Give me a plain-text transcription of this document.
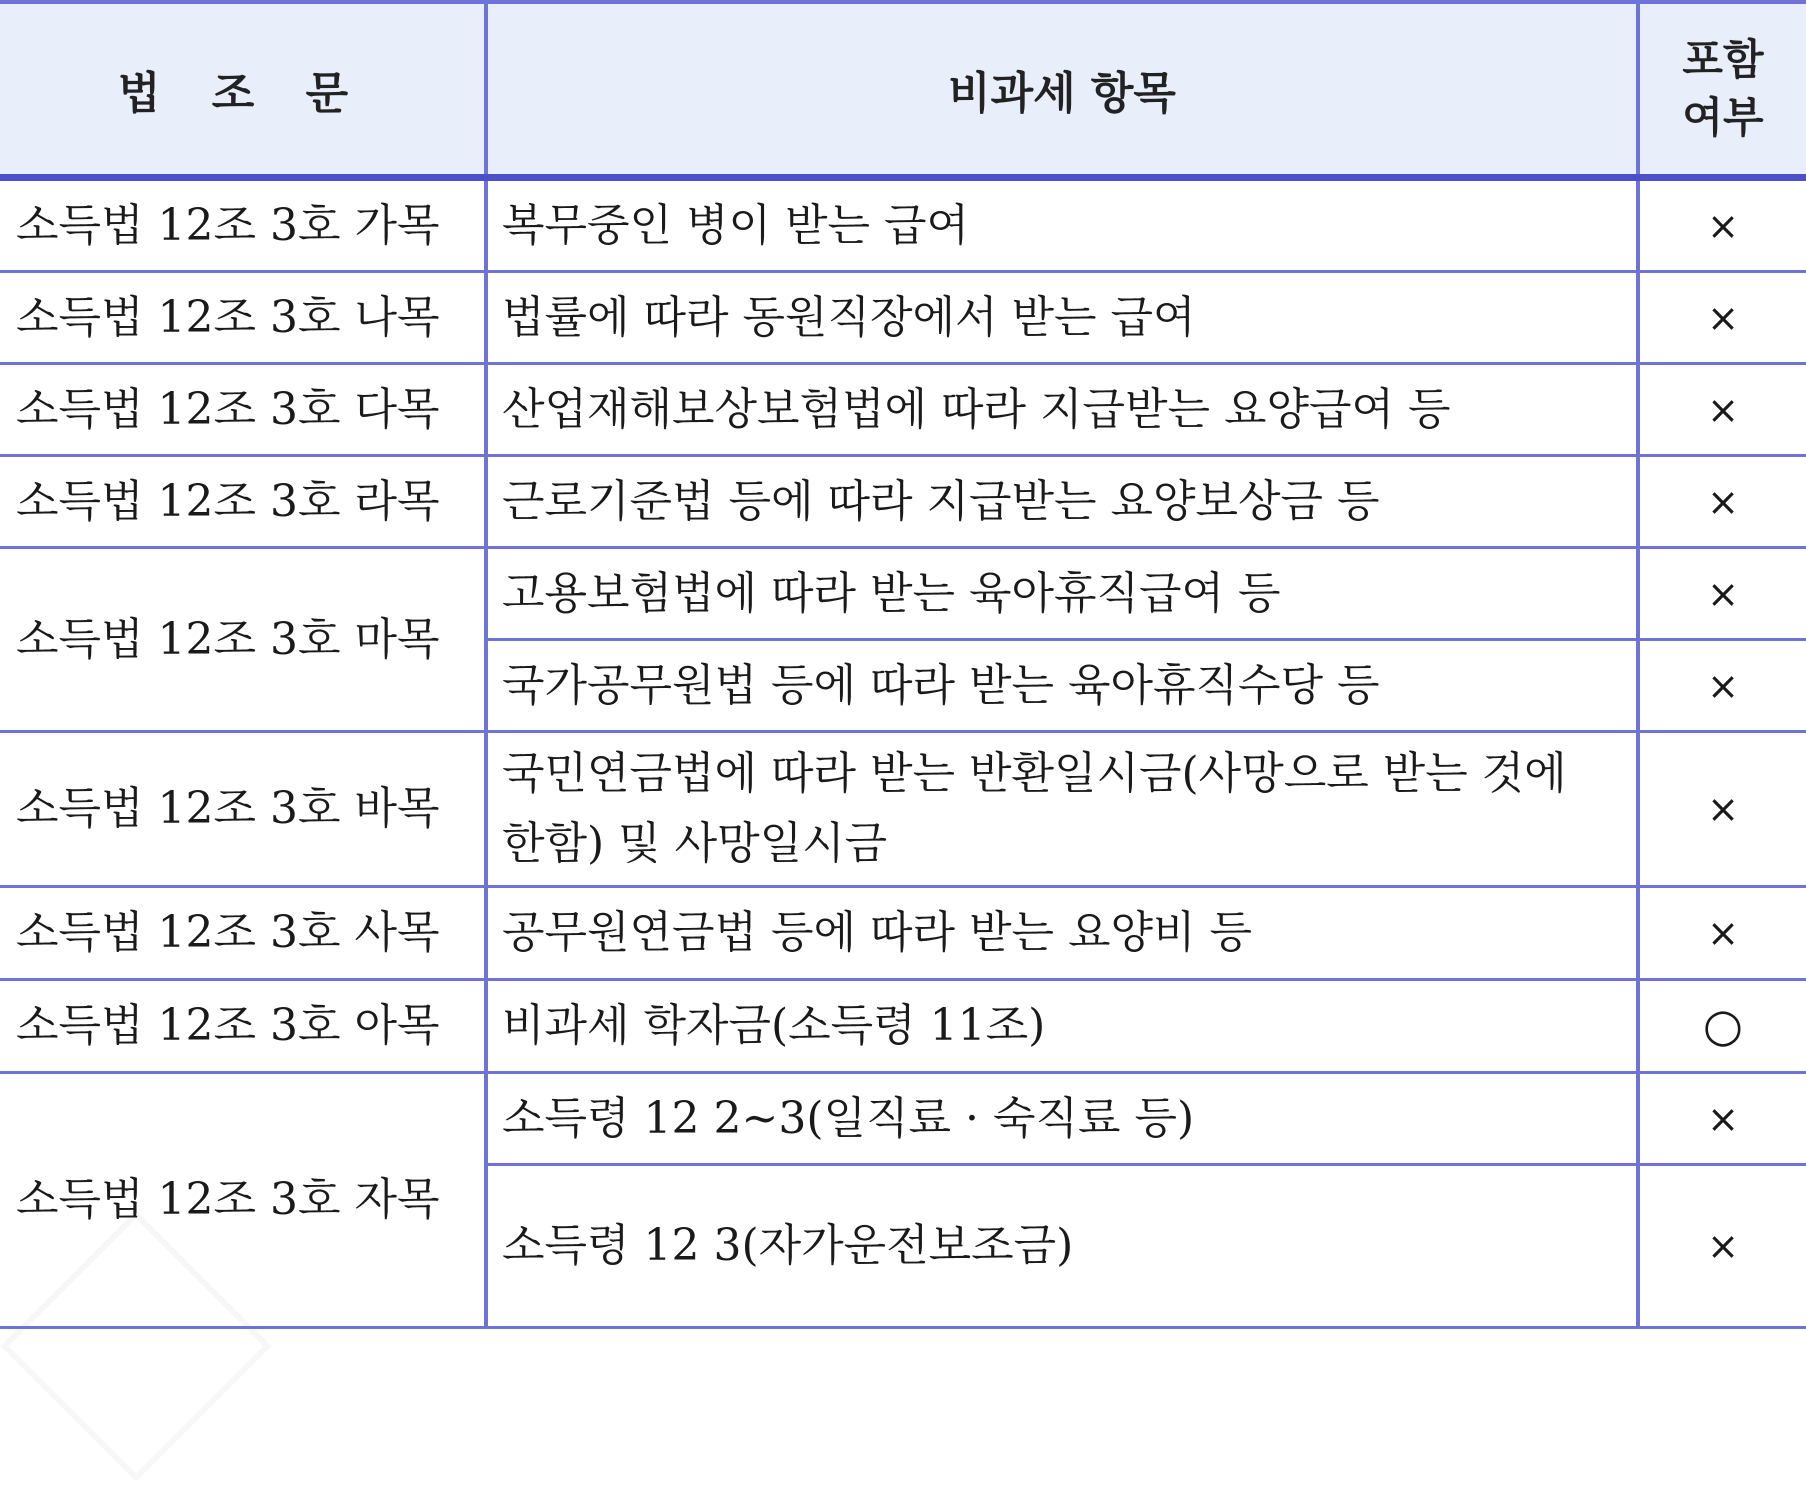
법 조 문	비과세 항목	포함
여부
소득법 12조 3호 가목	복무중인 병이 받는 급여	×
소득법 12조 3호 나목	법률에 따라 동원직장에서 받는 급여	×
소득법 12조 3호 다목	산업재해보상보험법에 따라 지급받는 요양급여 등	×
소득법 12조 3호 라목	근로기준법 등에 따라 지급받는 요양보상금 등	×
소득법 12조 3호 마목	고용보험법에 따라 받는 육아휴직급여 등	×
	국가공무원법 등에 따라 받는 육아휴직수당 등	×
소득법 12조 3호 바목	국민연금법에 따라 받는 반환일시금(사망으로 받는 것에 한함) 및 사망일시금	×
소득법 12조 3호 사목	공무원연금법 등에 따라 받는 요양비 등	×
소득법 12조 3호 아목	비과세 학자금(소득령 11조)	○
소득법 12조 3호 자목	소득령 12 2~3(일직료 · 숙직료 등)	×
	소득령 12 3(자가운전보조금)	×
